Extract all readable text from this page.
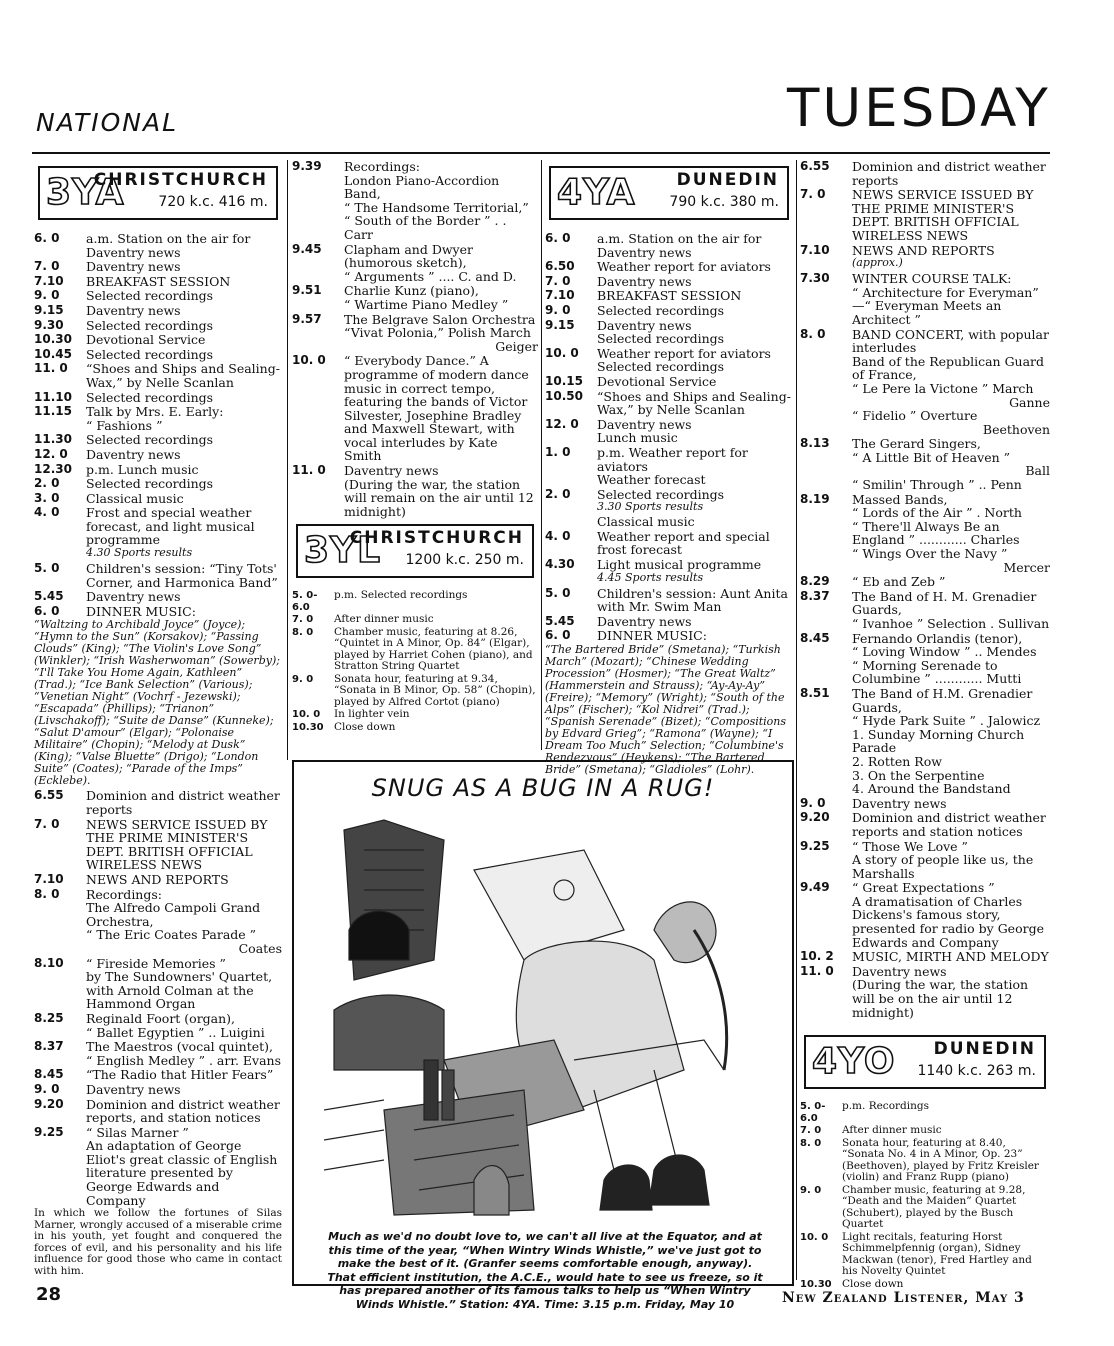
NATIONAL	TUESDAY
3YA
CHRISTCHURCH
720 k.c. 416 m.
6. 0	a.m. Station on the air for
Daventry news
7. 0	Daventry news
7.10	BREAKFAST SESSION
9. 0	Selected recordings
9.15	Daventry news
9.30	Selected recordings
10.30	Devotional Service
10.45	Selected recordings
11. 0	“Shoes and Ships and Sealing-
Wax,” by Nelle Scanlan
11.10	Selected recordings
11.15	Talk by Mrs. E. Early:
“ Fashions ”
11.30	Selected recordings
12. 0	Daventry news
12.30	p.m. Lunch music
2. 0	Selected recordings
3. 0	Classical music
4. 0	Frost and special weather
forecast, and light musical
programme
4.30 Sports results
5. 0	Children's session: “Tiny Tots'
Corner, and Harmonica Band”
5.45	Daventry news
6. 0	DINNER MUSIC:
“Waltzing to Archibald Joyce” (Joyce); “Hymn to the Sun” (Korsakov); “Passing Clouds” (King); “The Violin's Love Song” (Winkler); “Irish Washerwoman” (Sowerby); “I'll Take You Home Again, Kathleen” (Trad.); “Ice Bank Selection” (Various); “Venetian Night” (Vochrf - Jezewski); “Escapada” (Phillips); “Trianon” (Livschakoff); “Suite de Danse” (Kunneke); “Salut D'amour” (Elgar); “Polonaise Militaire” (Chopin); “Melody at Dusk” (King); “Valse Bluette” (Drigo); “London Suite” (Coates); “Parade of the Imps” (Ecklebe).
6.55	Dominion and district weather
reports
7. 0	NEWS SERVICE ISSUED BY THE PRIME MINISTER'S DEPT. BRITISH OFFICIAL WIRELESS NEWS
7.10	NEWS AND REPORTS
8. 0	Recordings:
The Alfredo Campoli Grand Orchestra,
“ The Eric Coates Parade ”
Coates
8.10	“ Fireside Memories ”
by The Sundowners' Quartet, with Arnold Colman at the Hammond Organ
8.25	Reginald Foort (organ),
“ Ballet Egyptien ” .. Luigini
8.37	The Maestros (vocal quintet),
“ English Medley ” . arr. Evans
8.45	“The Radio that Hitler Fears”
9. 0	Daventry news
9.20	Dominion and district weather
reports, and station notices
9.25	“ Silas Marner ”
An adaptation of George Eliot's great classic of English literature presented by George Edwards and Company
In which we follow the fortunes of Silas Marner, wrongly accused of a miserable crime in his youth, yet fought and conquered the forces of evil, and his personality and his life influence for good those who came in contact with him.
9.39	Recordings:
London Piano-Accordion Band,
“ The Handsome Territorial,”
“ South of the Border ” . . Carr
9.45	Clapham and Dwyer (humorous sketch),
“ Arguments ” .... C. and D.
9.51	Charlie Kunz (piano),
“ Wartime Piano Medley ”
9.57	The Belgrave Salon Orchestra
“Vivat Polonia,” Polish March
Geiger
10. 0	“ Everybody Dance.” A programme of modern dance music in correct tempo, featuring the bands of Victor Silvester, Josephine Bradley and Maxwell Stewart, with vocal interludes by Kate Smith
11. 0	Daventry news
(During the war, the station will remain on the air until 12 midnight)
3YL
CHRISTCHURCH
1200 k.c. 250 m.
5. 0-6.0
p.m. Selected recordings
7. 0	After dinner music
8. 0	Chamber music, featuring at 8.26, “Quintet in A Minor, Op. 84” (Elgar), played by Harriet Cohen (piano), and Stratton String Quartet
9. 0	Sonata hour, featuring at 9.34, “Sonata in B Minor, Op. 58” (Chopin), played by Alfred Cortot (piano)
10. 0	In lighter vein
10.30 Close down
4YA DUNEDIN
790 k.c. 380 m.
6. 0	a.m. Station on the air for
Daventry news
6.50	Weather report for aviators
7. 0	Daventry news
7.10	BREAKFAST SESSION
9. 0	Selected recordings
9.15	Daventry news
Selected recordings
10. 0	Weather report for aviators
Selected recordings
10.15	Devotional Service
10.50	“Shoes and Ships and Sealing-
Wax,” by Nelle Scanlan
12. 0	Daventry news
Lunch music
1. 0	p.m. Weather report for
aviators
Weather forecast
2. 0	Selected recordings
3.30 Sports results
Classical music
4. 0	Weather report and special
frost forecast
4.30	Light musical programme
4.45 Sports results
5. 0	Children's session: Aunt Anita
with Mr. Swim Man
5.45	Daventry news
6. 0	DINNER MUSIC:
“The Bartered Bride” (Smetana); “Turkish March” (Mozart); “Chinese Wedding Procession” (Hosmer); “The Great Waltz” (Hammerstein and Strauss); “Ay-Ay-Ay” (Freire); “Memory” (Wright); “South of the Alps” (Fischer); “Kol Nidrei” (Trad.); “Spanish Serenade” (Bizet); “Compositions by Edvard Grieg”; “Ramona” (Wayne); “I Dream Too Much” Selection; “Columbine's Rendezvous” (Heykens); “The Bartered Bride” (Smetana); “Gladioles” (Lohr).
6.55	Dominion and district weather
reports
7. 0	NEWS SERVICE ISSUED BY THE PRIME MINISTER'S DEPT. BRITISH OFFICIAL WIRELESS NEWS
7.10	NEWS AND REPORTS
(approx.)
7.30	WINTER COURSE TALK:
“ Architecture for Everyman”
—“ Everyman Meets an Architect ”
8. 0	BAND CONCERT, with popular interludes
Band of the Republican Guard of France,
“ Le Pere la Victone ” March
Ganne
“ Fidelio ” Overture
Beethoven
8.13	The Gerard Singers,
“ A Little Bit of Heaven ”
Ball
“ Smilin' Through ” .. Penn
8.19	Massed Bands,
“ Lords of the Air ” . North
“ There'll Always Be an England ” ............ Charles
“ Wings Over the Navy ”
Mercer
8.29	“ Eb and Zeb ”
8.37	The Band of H. M. Grenadier Guards,
“ Ivanhoe ” Selection . Sullivan
8.45	Fernando Orlandis (tenor),
“ Loving Window ” .. Mendes
“ Morning Serenade to Columbine ” ............ Mutti
8.51	The Band of H.M. Grenadier Guards,
“ Hyde Park Suite ” . Jalowicz
1. Sunday Morning Church Parade
2. Rotten Row
3. On the Serpentine
4. Around the Bandstand
9. 0	Daventry news
9.20	Dominion and district weather reports and station notices
9.25	“ Those We Love ”
A story of people like us, the Marshalls
9.49	“ Great Expectations ”
A dramatisation of Charles Dickens's famous story, presented for radio by George Edwards and Company
10. 2	MUSIC, MIRTH AND MELODY
11. 0	Daventry news
(During the war, the station will be on the air until 12 midnight)
4YO DUNEDIN
1140 k.c. 263 m.
5. 0-6.0
p.m. Recordings
7. 0	After dinner music
8. 0	Sonata hour, featuring at 8.40, “Sonata No. 4 in A Minor, Op. 23” (Beethoven), played by Fritz Kreisler (violin) and Franz Rupp (piano)
9. 0	Chamber music, featuring at 9.28, “Death and the Maiden” Quartet (Schubert), played by the Busch Quartet
10. 0	Light recitals, featuring Horst Schimmelpfennig (organ), Sidney Mackwan (tenor), Fred Hartley and his Novelty Quintet
10.30 Close down
SNUG AS A BUG IN A RUG!
Much as we'd no doubt love to, we can't all live at the Equator, and at this time of the year, “When Wintry Winds Whistle,” we've just got to make the best of it. (Granfer seems comfortable enough, anyway). That efficient institution, the A.C.E., would hate to see us freeze, so it has prepared another of its famous talks to help us “When Wintry Winds Whistle.” Station: 4YA. Time: 3.15 p.m. Friday, May 10
28	New Zealand Listener, May 3
